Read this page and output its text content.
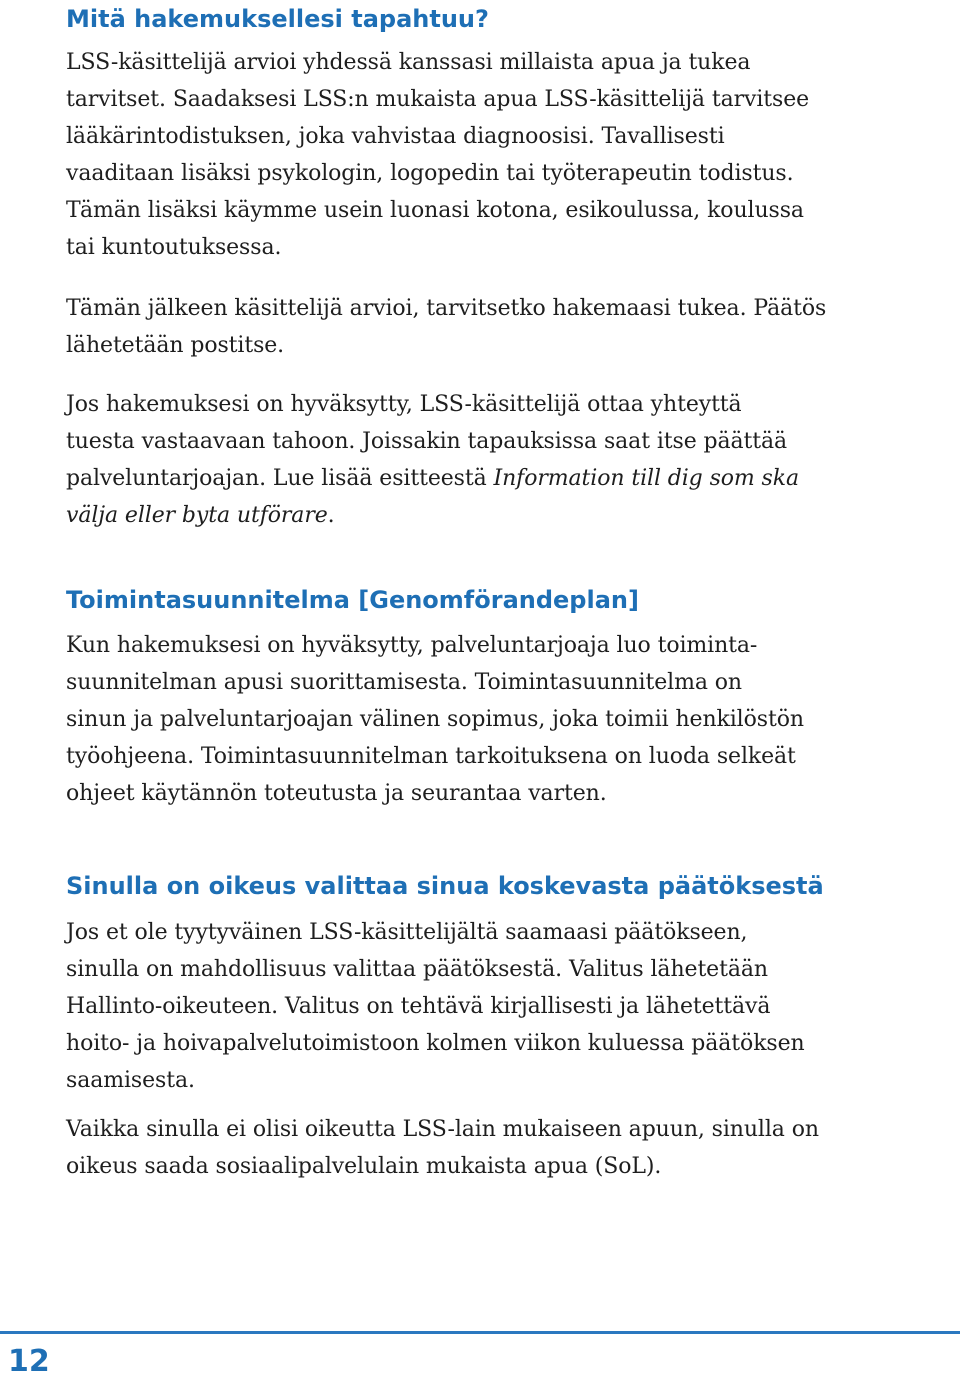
Mitä hakemuksellesi tapahtuu?

LSS-käsittelijä arvioi yhdessä kanssasi millaista apua ja tukea
tarvitset. Saadaksesi LSS:n mukaista apua LSS-käsittelijä tarvitsee
lääkärintodistuksen, joka vahvistaa diagnoosisi. Tavallisesti
vaaditaan lisäksi psykologin, logopedin tai työterapeutin todistus.
Tämän lisäksi käymme usein luonasi kotona, esikoulussa, koulussa
tai kuntoutuksessa.

Tämän jälkeen käsittelijä arvioi, tarvitsetko hakemaasi tukea. Päätös
lähetetään postitse.

Jos hakemuksesi on hyväksytty, LSS-käsittelijä ottaa yhteyttä
tuesta vastaavaan tahoon. Joissakin tapauksissa saat itse päättää
palveluntarjoajan. Lue lisää esitteestä Information till dig som ska
välja eller byta utförare.

Toimintasuunnitelma [Genomförandeplan]

Kun hakemuksesi on hyväksytty, palveluntarjoaja luo toiminta-
suunnitelman apusi suorittamisesta. Toimintasuunnitelma on
sinun ja palveluntarjoajan välinen sopimus, joka toimii henkilöstön
työohjeena. Toimintasuunnitelman tarkoituksena on luoda selkeät
ohjeet käytännön toteutusta ja seurantaa varten.

Sinulla on oikeus valittaa sinua koskevasta päätöksestä

Jos et ole tyytyväinen LSS-käsittelijältä saamaasi päätökseen,
sinulla on mahdollisuus valittaa päätöksestä. Valitus lähetetään
Hallinto-oikeuteen. Valitus on tehtävä kirjallisesti ja lähetettävä
hoito- ja hoivapalvelutoimistoon kolmen viikon kuluessa päätöksen
saamisesta.

Vaikka sinulla ei olisi oikeutta LSS-lain mukaiseen apuun, sinulla on
oikeus saada sosiaalipalvelulain mukaista apua (SoL).

12
